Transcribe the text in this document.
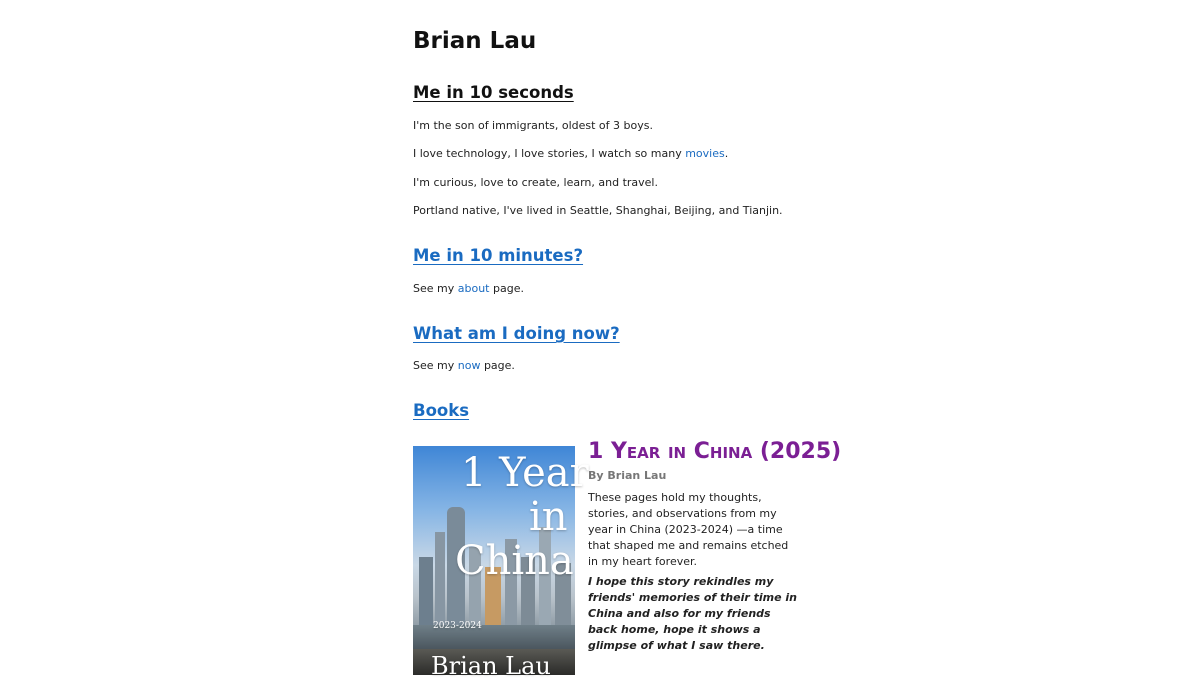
Brian Lau
Me in 10 seconds

I'm the son of immigrants, oldest of 3 boys.

I love technology, I love stories, I watch so many movies.

I'm curious, love to create, learn, and travel.

Portland native, I've lived in Seattle, Shanghai, Beijing, and Tianjin.

Me in 10 minutes?

See my about page.

What am I doing now?

See my now page.

Books
1 Year
in
China
2023-2024
Brian Lau
1 Year in China (2025)

By Brian Lau

These pages hold my thoughts, stories, and observations from my year in China (2023-2024) —a time that shaped me and remains etched in my heart forever.

I hope this story rekindles my friends' memories of their time in China and also for my friends back home, hope it shows a glimpse of what I saw there.
